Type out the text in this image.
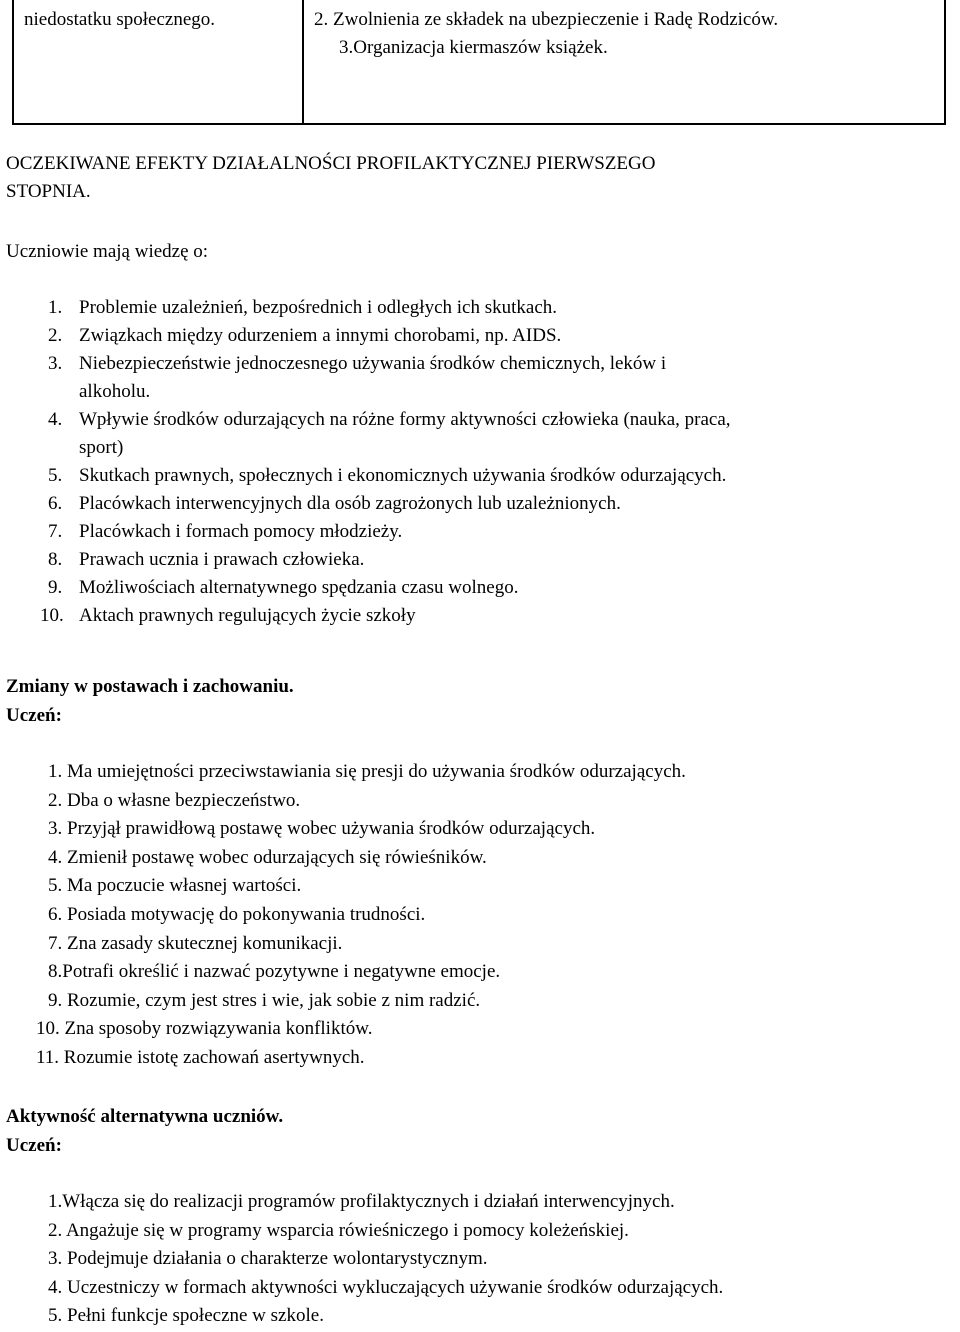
niedostatku społecznego.	2. Zwolnienia ze składek na ubezpieczenie i Radę Rodziców.
3.Organizacja kiermaszów książek.
OCZEKIWANE EFEKTY DZIAŁALNOŚCI PROFILAKTYCZNEJ PIERWSZEGO
STOPNIA.
Uczniowie mają wiedzę o:
1. Problemie uzależnień, bezpośrednich i odległych ich skutkach.
2. Związkach między odurzeniem a innymi chorobami, np. AIDS.
3. Niebezpieczeństwie jednoczesnego używania środków chemicznych, leków i
alkoholu.
4. Wpływie środków odurzających na różne formy aktywności człowieka (nauka, praca,
sport)
5. Skutkach prawnych, społecznych i ekonomicznych używania środków odurzających.
6. Placówkach interwencyjnych dla osób zagrożonych lub uzależnionych.
7. Placówkach i formach pomocy młodzieży.
8. Prawach ucznia i prawach człowieka.
9. Możliwościach alternatywnego spędzania czasu wolnego.
10. Aktach prawnych regulujących życie szkoły
Zmiany w postawach i zachowaniu.
Uczeń:
1. Ma umiejętności przeciwstawiania się presji do używania środków odurzających.
2. Dba o własne bezpieczeństwo.
3. Przyjął prawidłową postawę wobec używania środków odurzających.
4. Zmienił postawę wobec odurzających się rówieśników.
5. Ma poczucie własnej wartości.
6. Posiada motywację do pokonywania trudności.
7. Zna zasady skutecznej komunikacji.
8.Potrafi określić i nazwać pozytywne i negatywne emocje.
9. Rozumie, czym jest stres i wie, jak sobie z nim radzić.
10. Zna sposoby rozwiązywania konfliktów.
11. Rozumie istotę zachowań asertywnych.
Aktywność alternatywna uczniów.
Uczeń:
1.Włącza się do realizacji programów profilaktycznych i działań interwencyjnych.
2. Angażuje się w programy wsparcia rówieśniczego i pomocy koleżeńskiej.
3. Podejmuje działania o charakterze wolontarystycznym.
4. Uczestniczy w formach aktywności wykluczających używanie środków odurzających.
5. Pełni funkcje społeczne w szkole.
